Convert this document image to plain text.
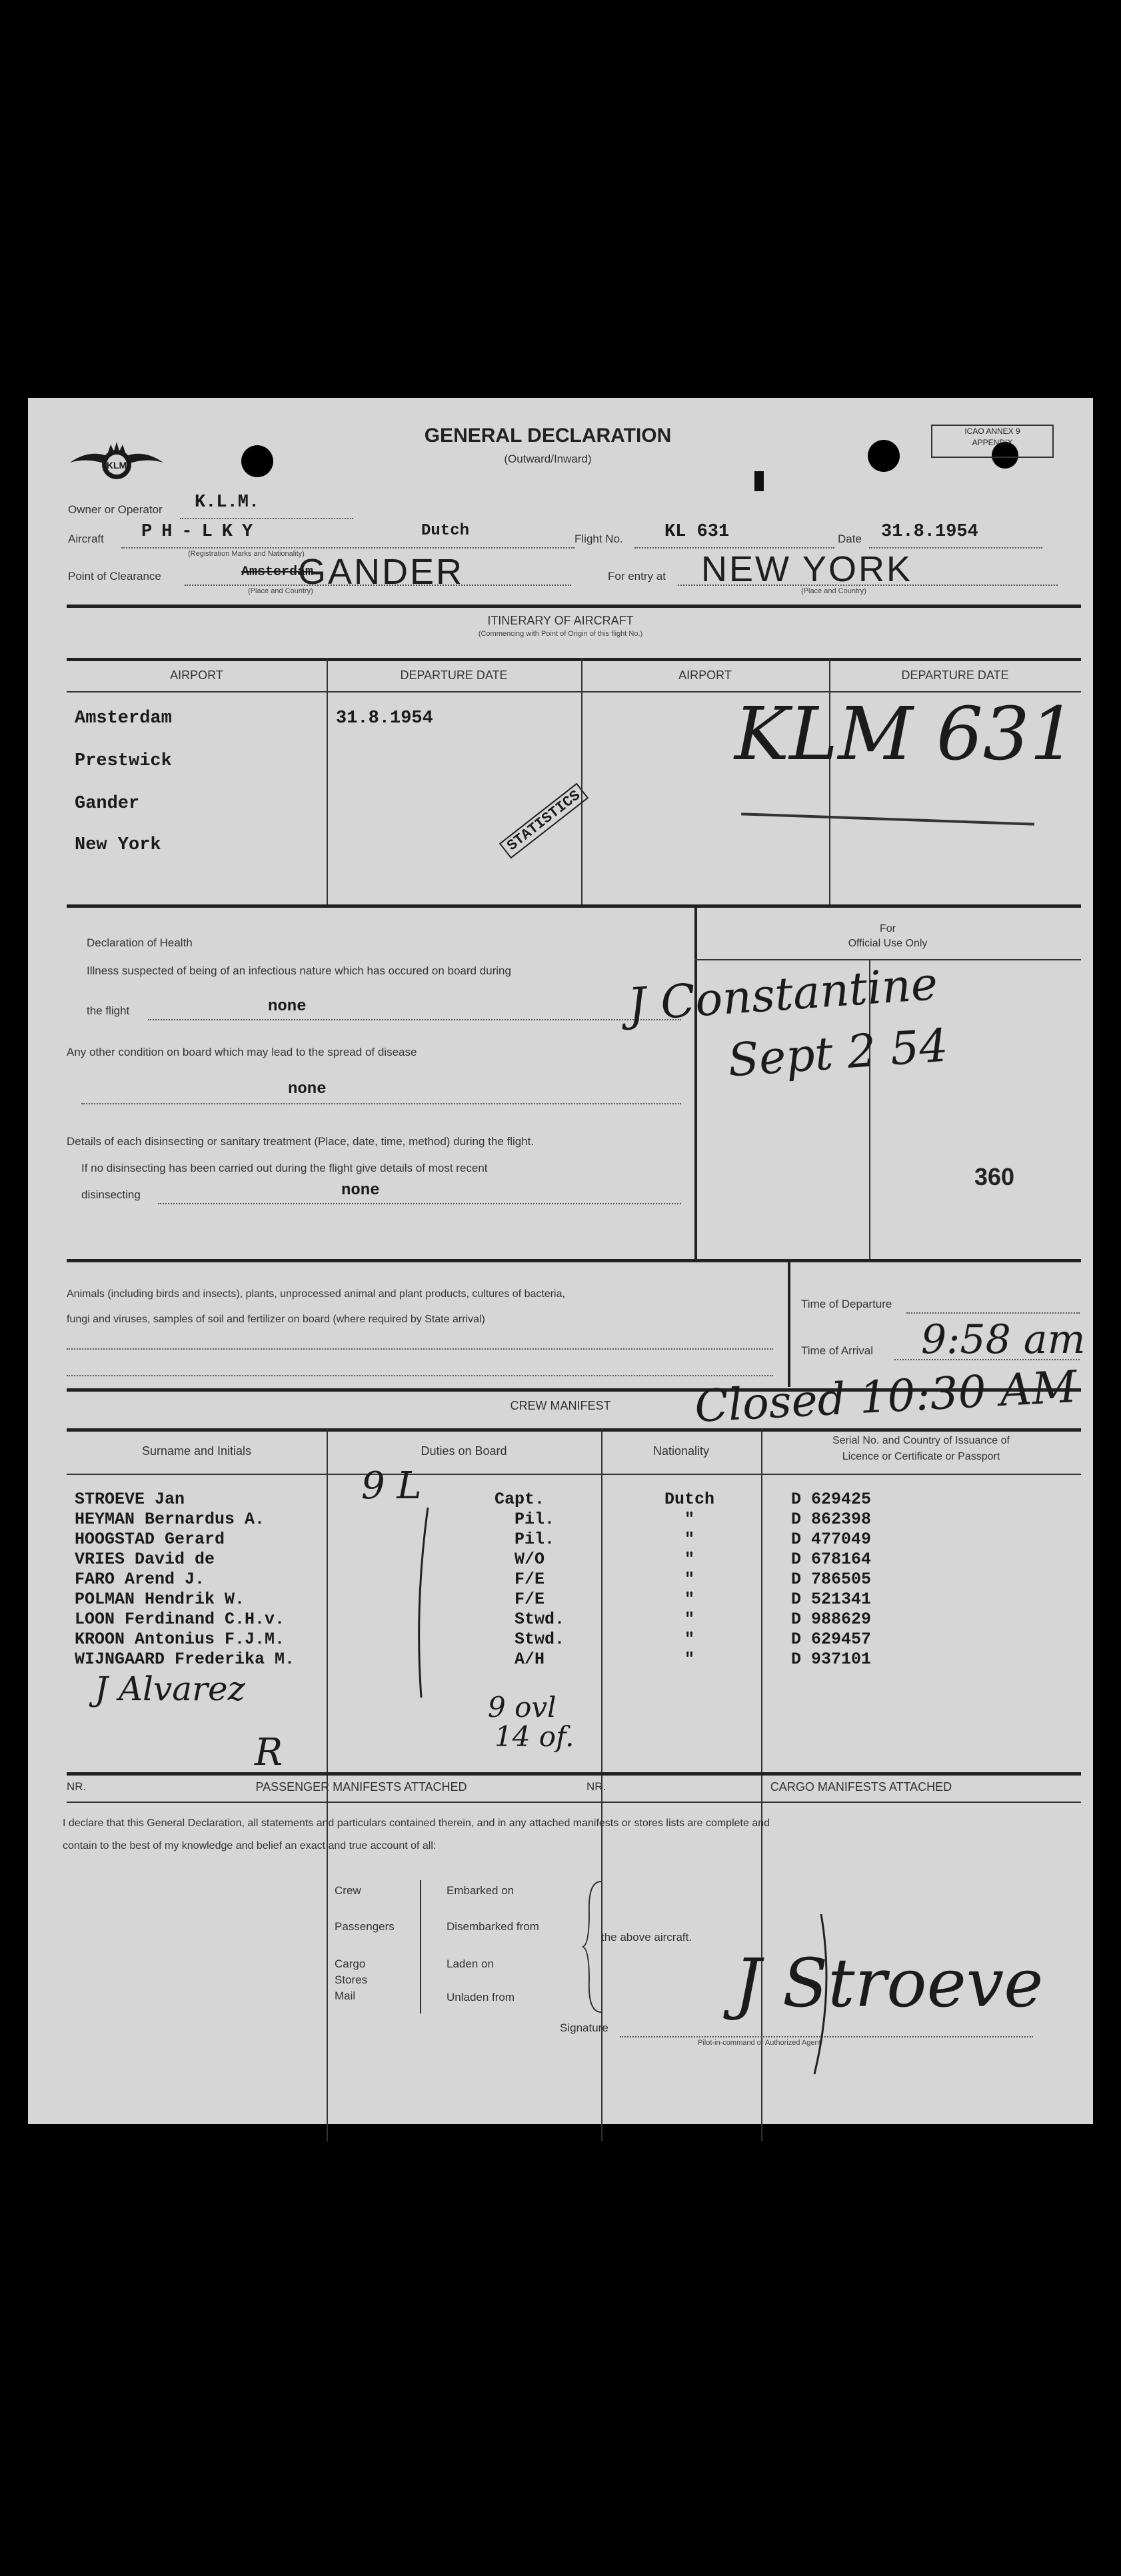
KLM
GENERAL DECLARATION
(Outward/Inward)
ICAO ANNEX 9
APPENDIX
Owner or Operator K.L.M.
Aircraft PH-LKY	Dutch
(Registration Marks and Nationality)
Flight No. KL 631	Date 31.8.1954
Point of Clearance	Amsterdam
GANDER
(Place and Country)
For entry at NEW YORK
(Place and Country)
ITINERARY OF AIRCRAFT
(Commencing with Point of Origin of this flight No.)
AIRPORT	DEPARTURE DATE	AIRPORT	DEPARTURE DATE
Amsterdam
Prestwick
Gander
New York
31.8.1954
STATISTICS
KLM 631
Declaration of Health
Illness suspected of being of an infectious nature which has occured on board during
the flight	none
Any other condition on board which may lead to the spread of disease
none
Details of each disinsecting or sanitary treatment (Place, date, time, method) during the flight.
If no disinsecting has been carried out during the flight give details of most recent
disinsecting	none
For
Official Use Only
J Constantine
Sept 2 54
360
Animals (including birds and insects), plants, unprocessed animal and plant products, cultures of bacteria,
fungi and viruses, samples of soil and fertilizer on board (where required by State arrival)
Time of Departure
Time of Arrival 9:58 am
CREW MANIFEST	Closed 10:30 AM
Surname and Initials	Duties on Board	Nationality
Serial No. and Country of Issuance of
Licence or Certificate or Passport
STROEVE Jan	Capt.	Dutch	D 629425
HEYMAN Bernardus A.	Pil.	"	D 862398
HOOGSTAD Gerard	Pil.	"	D 477049
VRIES David de	W/O	"	D 678164
FARO Arend J.	F/E	"	D 786505
POLMAN Hendrik W.	F/E	"	D 521341
LOON Ferdinand C.H.v.	Stwd.	"	D 988629
KROON Antonius F.J.M.	Stwd.	"	D 629457
WIJNGAARD Frederika M.	A/H	"	D 937101
9 L
J Alvarez
R
9 ovl
14 of.
NR.	PASSENGER MANIFESTS ATTACHED	NR.	CARGO MANIFESTS ATTACHED
I declare that this General Declaration, all statements and particulars contained therein, and in any attached manifests or stores lists are complete and
contain to the best of my knowledge and belief an exact and true account of all:
Crew
Passengers
Cargo
Stores
Mail
Embarked on
Disembarked from
Laden on
Unladen from
the above aircraft.
Signature
Pilot-in-command or Authorized Agent
J Stroeve
